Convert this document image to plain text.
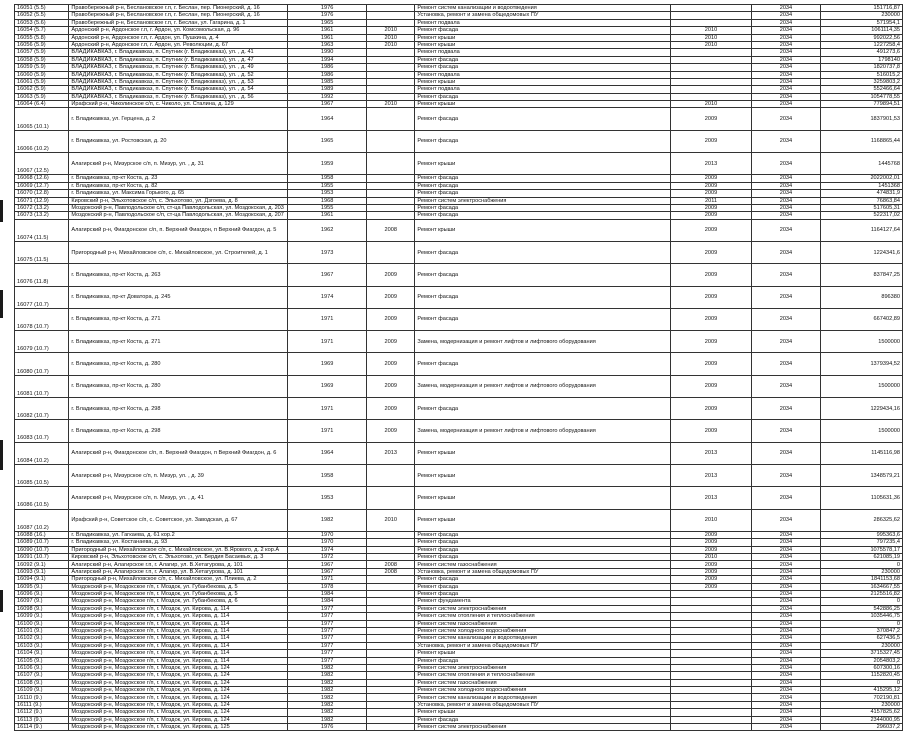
16051 (5.5)	Правобережный р-н, Беслановское г.п, г. Беслан, пер. Пионерский, д. 16	1976		Ремонт систем канализации и водоотведения		2034	151716,87
16052 (5.5)	Правобережный р-н, Беслановское г.п, г. Беслан, пер. Пионерский, д. 16	1976		Установка, ремонт и замена общедомовых ПУ		2034	230000
16053 (5.6)	Правобережный р-н, Беслановское г.п, г. Беслан, ул. Гагарина, д. 1	1965		Ремонт подвала		2034	571954,1
16054 (5.7)	Ардонский р-н, Ардонское г.п, г. Ардон, ул. Комсомольская, д. 96	1961	2010	Ремонт фасада	2010	2034	1061114,35
16055 (5.8)	Ардонский р-н, Ардонское г.п, г. Ардон, ул. Пушкина, д. 4	1961	2010	Ремонт крыши	2010	2034	992022,56
16056 (5.9)	Ардонский р-н, Ардонское г.п, г. Ардон, ул. Революции, д. 67	1963	2010	Ремонт крыши	2010	2034	1227258,4
16057 (5.9)	ВЛАДИКАВКАЗ, г. Владикавказ, п. Спутник (г. Владикавказ), ул. , д. 41	1990		Ремонт подвала		2034	491273,6
16058 (5.9)	ВЛАДИКАВКАЗ, г. Владикавказ, п. Спутник (г. Владикавказ), ул. , д. 47	1994		Ремонт фасада		2034	1798140
16059 (5.9)	ВЛАДИКАВКАЗ, г. Владикавказ, п. Спутник (г. Владикавказ), ул. , д. 49	1986		Ремонт фасада		2034	1820737,8
16060 (5.9)	ВЛАДИКАВКАЗ, г. Владикавказ, п. Спутник (г. Владикавказ), ул. , д. 52	1986		Ремонт подвала		2034	516015,2
16061 (5.9)	ВЛАДИКАВКАЗ, г. Владикавказ, п. Спутник (г. Владикавказ), ул. , д. 53	1985		Ремонт крыши		2034	3259803,2
16062 (5.9)	ВЛАДИКАВКАЗ, г. Владикавказ, п. Спутник (г. Владикавказ), ул. , д. 54	1989		Ремонт подвала		2034	552466,64
16063 (5.9)	ВЛАДИКАВКАЗ, г. Владикавказ, п. Спутник (г. Владикавказ), ул. , д. 56	1992		Ремонт фасада		2034	1054778,55
16064 (6.4)	Ирафский р-н, Чиколинское с/п, с. Чиколо, ул. Сталина, д. 129	1967	2010	Ремонт крыши	2010	2034	779894,51
16065 (10.1)	г. Владикавказ, ул. Герцена, д. 2	1964		Ремонт фасада	2009	2034	1837901,53
16066 (10.2)	г. Владикавказ, ул. Ростовская, д. 20	1965		Ремонт фасада	2009	2034	1168865,44
16067 (12.5)	Алагирский р-н, Мизурское с/п, п. Мизур, ул. , д. 31	1959		Ремонт крыши	2013	2034	1445768
16068 (12.6)	г. Владикавказ, пр-кт Коста, д. 23	1958		Ремонт фасада	2009	2034	2022002,01
16069 (12.7)	г. Владикавказ, пр-кт Коста, д. 82	1955		Ремонт фасада	2009	2034	1451368
16070 (12.8)	г. Владикавказ, ул. Максима Горького, д. 65	1953		Ремонт фасада	2009	2034	474831,9
16071 (12.9)	Кировский р-н, Эльхотовское с/п, с. Эльхотово, ул. Дзгоева, д. 8	1968		Ремонт систем электроснабжения	2011	2034	76863,84
16072 (13.2)	Моздокский р-н, Павлодольское с/п, ст-ца Павлодольская, ул. Моздокская, д. 203	1955		Ремонт фасада	2009	2034	517605,31
16073 (13.2)	Моздокский р-н, Павлодольское с/п, ст-ца Павлодольская, ул. Моздокская, д. 207	1961		Ремонт фасада	2009	2034	522317,02
16074 (11.5)	Алагирский р-н, Фиагдонское с/п, п. Верхний Фиагдон, п Верхний Фиагдон, д. 5	1962	2008	Ремонт крыши	2009	2034	1164127,64
16075 (11.5)	Пригородный р-н, Михайловское с/п, с. Михайловское, ул. Строителей, д. 1	1973		Ремонт фасада	2009	2034	1224341,6
16076 (11.8)	г. Владикавказ, пр-кт Коста, д. 263	1967	2009	Ремонт фасада	2009	2034	837847,25
16077 (10.7)	г. Владикавказ, пр-кт Доватора, д. 245	1974	2009	Ремонт фасада	2009	2034	896380
16078 (10.7)	г. Владикавказ, пр-кт Коста, д. 271	1971	2009	Ремонт фасада	2009	2034	667402,89
16079 (10.7)	г. Владикавказ, пр-кт Коста, д. 271	1971	2009	Замена, модернизация и ремонт лифтов и лифтового оборудования	2009	2034	1500000
16080 (10.7)	г. Владикавказ, пр-кт Коста, д. 280	1969	2009	Ремонт фасада	2009	2034	1379394,52
16081 (10.7)	г. Владикавказ, пр-кт Коста, д. 280	1969	2009	Замена, модернизация и ремонт лифтов и лифтового оборудования	2009	2034	1500000
16082 (10.7)	г. Владикавказ, пр-кт Коста, д. 298	1971	2009	Ремонт фасада	2009	2034	1229434,16
16083 (10.7)	г. Владикавказ, пр-кт Коста, д. 298	1971	2009	Замена, модернизация и ремонт лифтов и лифтового оборудования	2009	2034	1500000
16084 (10.2)	Алагирский р-н, Фиагдонское с/п, п. Верхний Фиагдон, п Верхний Фиагдон, д. 6	1964	2013	Ремонт крыши	2013	2034	1145116,98
16085 (10.5)	Алагирский р-н, Мизурское с/п, п. Мизур, ул. , д. 39	1958		Ремонт крыши	2013	2034	1348579,21
16086 (10.5)	Алагирский р-н, Мизурское с/п, п. Мизур, ул. , д. 41	1953		Ремонт крыши	2013	2034	1105631,36
16087 (10.2)	Ирафский р-н, Советское с/п, с. Советское, ул. Заводская, д. 67	1982	2010	Ремонт крыши	2010	2034	286325,62
16088 (16.)	г. Владикавказ, ул. Гагкаева, д. 61 кор.2	1970		Ремонт фасада	2009	2034	995363,6
16089 (10.7)	г. Владикавказ, ул. Костанаева, д. 93	1970		Ремонт фасада	2009	2034	797235,4
16090 (10.7)	Пригородный р-н, Михайловское с/п, с. Михайловское, ул. В.Ярового, д. 2 кор.А	1974		Ремонт фасада	2009	2034	1075578,17
16091 (10.7)	Кировский р-н, Эльхотовское с/п, с. Эльхотово, ул. Бердия Басаевых, д. 3	1972		Ремонт фасада	2010	2034	621085,19
16092 (9.1)	Алагирский р-н, Алагирское г.п, г. Алагир, ул. В.Хетагурова, д. 101	1967	2008	Ремонт систем газоснабжения	2009	2034	0
16093 (9.1)	Алагирский р-н, Алагирское г.п, г. Алагир, ул. В.Хетагурова, д. 101	1967	2008	Установка, ремонт и замена общедомовых ПУ	2009	2034	230000
16094 (9.1)	Пригородный р-н, Михайловское с/п, с. Михайловское, ул. Плиева, д. 2	1971		Ремонт фасада	2009	2034	1841153,68
16095 (9.)	Моздокский р-н, Моздокское г/п, г. Моздок, ул. Губанбекова, д. 5	1978		Ремонт фасада	2009	2034	1634667,55
16096 (9.)	Моздокский р-н, Моздокское г/п, г. Моздок, ул. Губанбекова, д. 5	1984		Ремонт фасада		2034	2125516,82
16097 (9.)	Моздокский р-н, Моздокское г/п, г. Моздок, ул. Губанбекова, д. 6	1984		Ремонт фундамента		2034	0
16098 (9.)	Моздокский р-н, Моздокское г/п, г. Моздок, ул. Кирова, д. 114	1977		Ремонт систем электроснабжения		2034	542886,25
16099 (9.)	Моздокский р-н, Моздокское г/п, г. Моздок, ул. Кирова, д. 114	1977		Ремонт систем отопления и теплоснабжения		2034	1035446,75
16100 (9.)	Моздокский р-н, Моздокское г/п, г. Моздок, ул. Кирова, д. 114	1977		Ремонт систем газоснабжения		2034	0
16101 (9.)	Моздокский р-н, Моздокское г/п, г. Моздок, ул. Кирова, д. 114	1977		Ремонт систем холодного водоснабжения		2034	370847,2
16102 (9.)	Моздокский р-н, Моздокское г/п, г. Моздок, ул. Кирова, д. 114	1977		Ремонт систем канализации и водоотведения		2034	627436,5
16103 (9.)	Моздокский р-н, Моздокское г/п, г. Моздок, ул. Кирова, д. 114	1977		Установка, ремонт и замена общедомовых ПУ		2034	230000
16104 (9.)	Моздокский р-н, Моздокское г/п, г. Моздок, ул. Кирова, д. 114	1977		Ремонт крыши		2034	3715327,45
16105 (9.)	Моздокский р-н, Моздокское г/п, г. Моздок, ул. Кирова, д. 114	1977		Ремонт фасада		2034	2054803,2
16106 (9.)	Моздокский р-н, Моздокское г/п, г. Моздок, ул. Кирова, д. 124	1982		Ремонт систем электроснабжения		2034	607300,16
16107 (9.)	Моздокский р-н, Моздокское г/п, г. Моздок, ул. Кирова, д. 124	1982		Ремонт систем отопления и теплоснабжения		2034	1152820,45
16108 (9.)	Моздокский р-н, Моздокское г/п, г. Моздок, ул. Кирова, д. 124	1982		Ремонт систем газоснабжения		2034	0
16109 (9.)	Моздокский р-н, Моздокское г/п, г. Моздок, ул. Кирова, д. 124	1982		Ремонт систем холодного водоснабжения		2034	415295,12
16110 (9.)	Моздокский р-н, Моздокское г/п, г. Моздок, ул. Кирова, д. 124	1982		Ремонт систем канализации и водоотведения		2034	702190,81
16111 (9.)	Моздокский р-н, Моздокское г/п, г. Моздок, ул. Кирова, д. 124	1982		Установка, ремонт и замена общедомовых ПУ		2034	230000
16112 (9.)	Моздокский р-н, Моздокское г/п, г. Моздок, ул. Кирова, д. 124	1982		Ремонт крыши		2034	4157825,62
16113 (9.)	Моздокский р-н, Моздокское г/п, г. Моздок, ул. Кирова, д. 124	1982		Ремонт фасада		2034	2344000,95
16114 (9.)	Моздокский р-н, Моздокское г/п, г. Моздок, ул. Кирова, д. 125	1976		Ремонт систем электроснабжения		2034	296037,2
